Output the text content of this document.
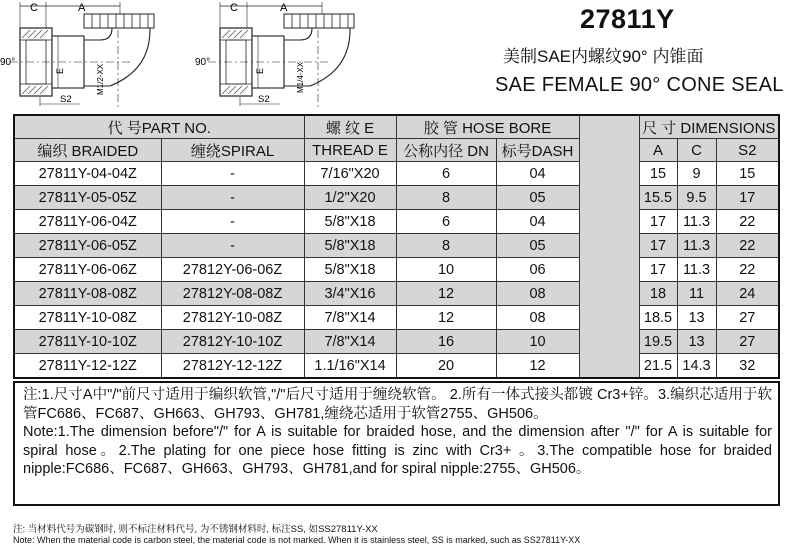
C	A
M1/2-XX
E
90°
S2
C	A
M1/4-XX
E
90°
S2
27811Y
美制SAE内螺纹90° 内锥面
SAE FEMALE 90° CONE SEAL
代 号PART NO.		螺 纹 E	胶 管 HOSE BORE			尺 寸 DIMENSIONS		
编织 BRAIDED	缠绕SPIRAL	THREAD E	公称内径 DN	标号DASH		A	C	S2
27811Y-04-04Z	-	7/16"X20	6	04		15	9	15
27811Y-05-05Z	-	1/2"X20	8	05		15.5	9.5	17
27811Y-06-04Z	-	5/8"X18	6	04		17	11.3	22
27811Y-06-05Z	-	5/8"X18	8	05		17	11.3	22
27811Y-06-06Z	27812Y-06-06Z	5/8"X18	10	06		17	11.3	22
27811Y-08-08Z	27812Y-08-08Z	3/4"X16	12	08		18	11	24
27811Y-10-08Z	27812Y-10-08Z	7/8"X14	12	08		18.5	13	27
27811Y-10-10Z	27812Y-10-10Z	7/8"X14	16	10		19.5	13	27
27811Y-12-12Z	27812Y-12-12Z	1.1/16"X14	20	12		21.5	14.3	32

注:1.尺寸A中"/"前尺寸适用于编织软管,"/"后尺寸适用于缠绕软管。 2.所有一体式接头都镀 Cr3+锌。3.编织芯适用于软管FC686、FC687、GH663、GH793、GH781,缠绕芯适用于软管2755、GH506。

Note:1.The dimension before"/" for A is suitable for braided hose, and the dimension after "/" for A is suitable for spiral hose。2.The plating for one piece hose fitting is zinc with Cr3+ 。3.The compatible hose for braided nipple:FC686、FC687、GH663、GH793、GH781,and for spiral nipple:2755、GH506。

注: 当材料代号为碳钢时, 则不标注材料代号, 为不锈钢材料时, 标注SS, 如SS27811Y-XX
Note: When the material code is carbon steel, the material code is not marked. When it is stainless steel, SS is marked, such as SS27811Y-XX
